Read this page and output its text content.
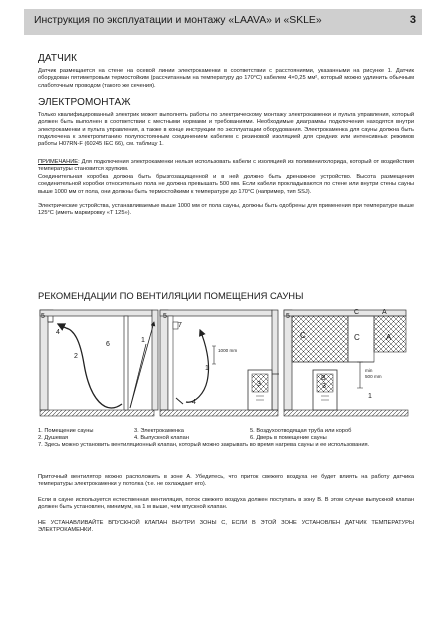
Инструкция по эксплуатации и монтажу «LAAVA» и «SKLE»	3
ДАТЧИК

Датчик размещается на стене на осевой линии электрокаменки в соответствии с расстояниями, указанными на рисунке 1. Датчик оборудован пятиметровым термостойким (рассчитанным на температуру до 170°С) кабелем 4×0,25 мм², который можно удлинить обычным слаботочным проводом (такого же сечения).

ЭЛЕКТРОМОНТАЖ

Только квалифицированный электрик может выполнять работы по электрическому монтажу электрокаменки и пульта управления, который должен быть выполнен в соответствии с местными нормами и требованиями. Необходимые диаграммы подключения находятся внутри электрокаменки и пульта управления, а также в конце инструкции по эксплуатации оборудования. Электрокаменка для сауны должна быть подключена к электропитанию полупостоянным соединением кабелем с резиновой изоляцией для средних или интенсивных режимов работы H07RN-F (60245 IEC 66), см. таблицу 1.

ПРИМЕЧАНИЕ: Для подключения электрокаменки нельзя использовать кабели с изоляцией из поливинилхлорида, который от воздействия температуры становится хрупким.

Соединительная коробка должна быть брызгозащищенной и в ней должно быть дренажное устройство. Высота размещения соединительной коробки относительно пола не должна превышать 500 мм. Если кабели прокладываются по стене или внутри стены сауны выше 1000 мм от пола, они должны быть термостойкими к температуре до 170°С (например, тип SSJ).

Электрические устройства, устанавливаемые выше 1000 мм от пола сауны, должны быть одобрены для применения при температуре выше 125°С (иметь маркировку «Т 125»).

РЕКОМЕНДАЦИИ ПО ВЕНТИЛЯЦИИ ПОМЕЩЕНИЯ САУНЫ
5
4
2
6
1
5
7
1000 mm
1
4
3
5
C
C	A
C	A
min
500 mm
B
3
1
1. Помещение сауны	3. Электрокаменка	5. Воздухоотводящая труба или короб
2. Душевая	4. Выпускной клапан	6. Дверь в помещение сауны
7. Здесь можно установить вентиляционный клапан, который можно закрывать во время нагрева сауны и ее использования.

Приточный вентилятор можно расположить в зоне А. Убедитесь, что приток свежего воздуха не будет влиять на работу датчика температуры электрокаменки у потолка (т.е. не охлаждает его).

Если в сауне используется естественная вентиляция, поток свежего воздуха должен поступать в зону В. В этом случае выпускной клапан должен быть установлен, минимум, на 1 м выше, чем впускной клапан.

НЕ УСТАНАВЛИВАЙТЕ ВПУСКНОЙ КЛАПАН ВНУТРИ ЗОНЫ С, ЕСЛИ В ЭТОЙ ЗОНЕ УСТАНОВЛЕН ДАТЧИК ТЕМПЕРАТУРЫ ЭЛЕКТРОКАМЕНКИ.
